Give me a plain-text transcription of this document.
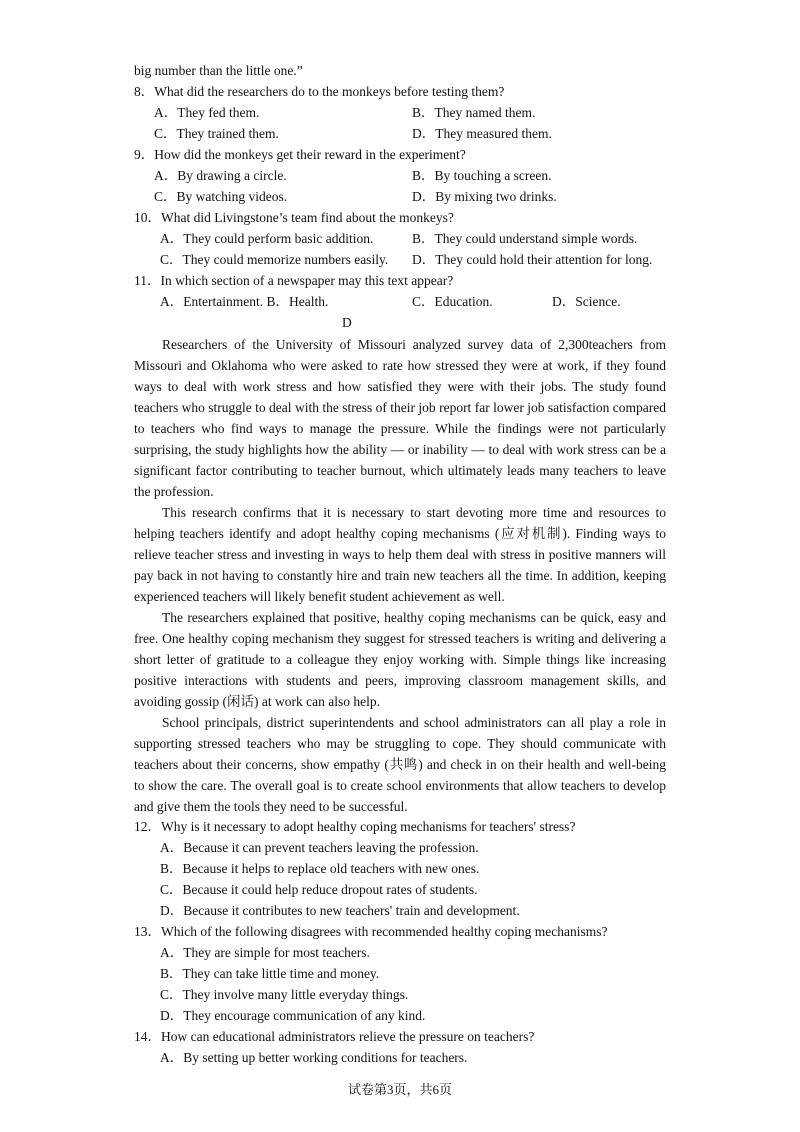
big number than the little one.”
8．What did the researchers do to the monkeys before testing them?
A．They fed them.	B．They named them.
C．They trained them.	D．They measured them.
9．How did the monkeys get their reward in the experiment?
A．By drawing a circle.	B．By touching a screen.
C．By watching videos.	D．By mixing two drinks.
10．What did Livingstone’s team find about the monkeys?
A．They could perform basic addition.	B．They could understand simple words.
C．They could memorize numbers easily. D．They could hold their attention for long.
11．In which section of a newspaper may this text appear?
A．Entertainment. B．Health.	C．Education.	D．Science.
D

Researchers of the University of Missouri analyzed survey data of 2,300teachers from Missouri and Oklahoma who were asked to rate how stressed they were at work, if they found ways to deal with work stress and how satisfied they were with their jobs. The study found teachers who struggle to deal with the stress of their job report far lower job satisfaction compared to teachers who find ways to manage the pressure. While the findings were not particularly surprising, the study highlights how the ability — or inability — to deal with work stress can be a significant factor contributing to teacher burnout, which ultimately leads many teachers to leave the profession.

This research confirms that it is necessary to start devoting more time and resources to helping teachers identify and adopt healthy coping mechanisms (应对机制). Finding ways to relieve teacher stress and investing in ways to help them deal with stress in positive manners will pay back in not having to constantly hire and train new teachers all the time. In addition, keeping experienced teachers will likely benefit student achievement as well.

The researchers explained that positive, healthy coping mechanisms can be quick, easy and free. One healthy coping mechanism they suggest for stressed teachers is writing and delivering a short letter of gratitude to a colleague they enjoy working with. Simple things like increasing positive interactions with students and peers, improving classroom management skills, and avoiding gossip (闲话) at work can also help.

School principals, district superintendents and school administrators can all play a role in supporting stressed teachers who may be struggling to cope. They should communicate with teachers about their concerns, show empathy (共鸣) and check in on their health and well-being to show the care. The overall goal is to create school environments that allow teachers to develop and give them the tools they need to be successful.

12．Why is it necessary to adopt healthy coping mechanisms for teachers' stress?
A．Because it can prevent teachers leaving the profession.
B．Because it helps to replace old teachers with new ones.
C．Because it could help reduce dropout rates of students.
D．Because it contributes to new teachers' train and development.
13．Which of the following disagrees with recommended healthy coping mechanisms?
A．They are simple for most teachers.
B．They can take little time and money.
C．They involve many little everyday things.
D．They encourage communication of any kind.
14．How can educational administrators relieve the pressure on teachers?
A．By setting up better working conditions for teachers.
试卷第3页，共6页
